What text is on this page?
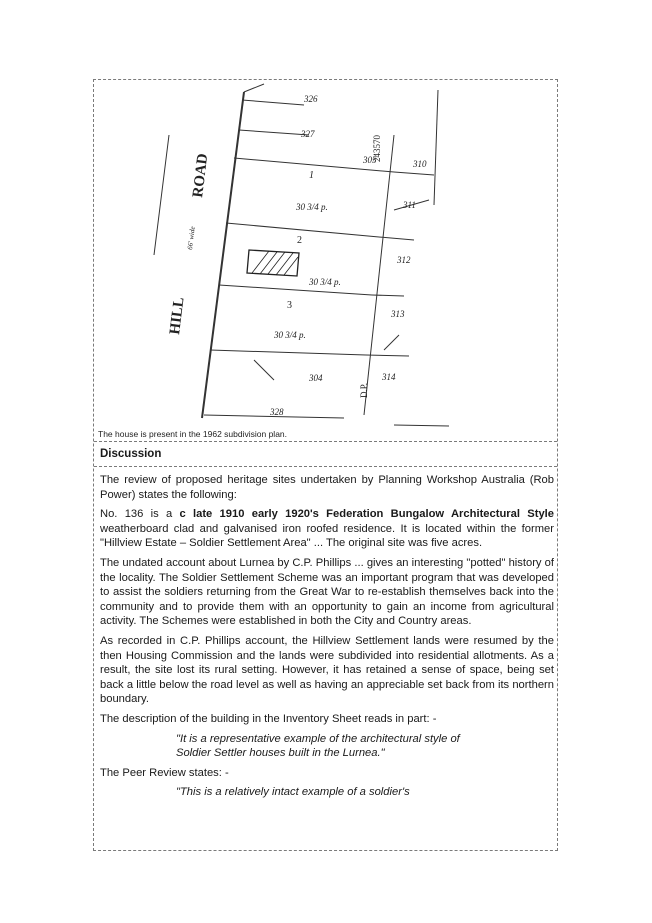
HILL
ROAD
66' wide
326
327
305	310
311
312
313
304	314
328
1
2
3
30 3/4 p.
30 3/4 p.
30 3/4 p.
243570
D.P.
The house is present in the 1962 subdivision plan.
Discussion

The review of proposed heritage sites undertaken by Planning Workshop Australia (Rob Power) states the following:

No. 136 is a c late 1910 early 1920's Federation Bungalow Architectural Style weatherboard clad and galvanised iron roofed residence. It is located within the former "Hillview Estate – Soldier Settlement Area" ... The original site was five acres.

The undated account about Lurnea by C.P. Phillips ... gives an interesting "potted" history of the locality. The Soldier Settlement Scheme was an important program that was developed to assist the soldiers returning from the Great War to re-establish themselves back into the community and to provide them with an opportunity to gain an income from agricultural activity. The Schemes were established in both the City and Country areas.

As recorded in C.P. Phillips account, the Hillview Settlement lands were resumed by the then Housing Commission and the lands were subdivided into residential allotments. As a result, the site lost its rural setting. However, it has retained a sense of space, being set back a little below the road level as well as having an appreciable set back from its northern boundary.

The description of the building in the Inventory Sheet reads in part: -

"It is a representative example of the architectural style of Soldier Settler houses built in the Lurnea."

The Peer Review states: -

"This is a relatively intact example of a soldier's
